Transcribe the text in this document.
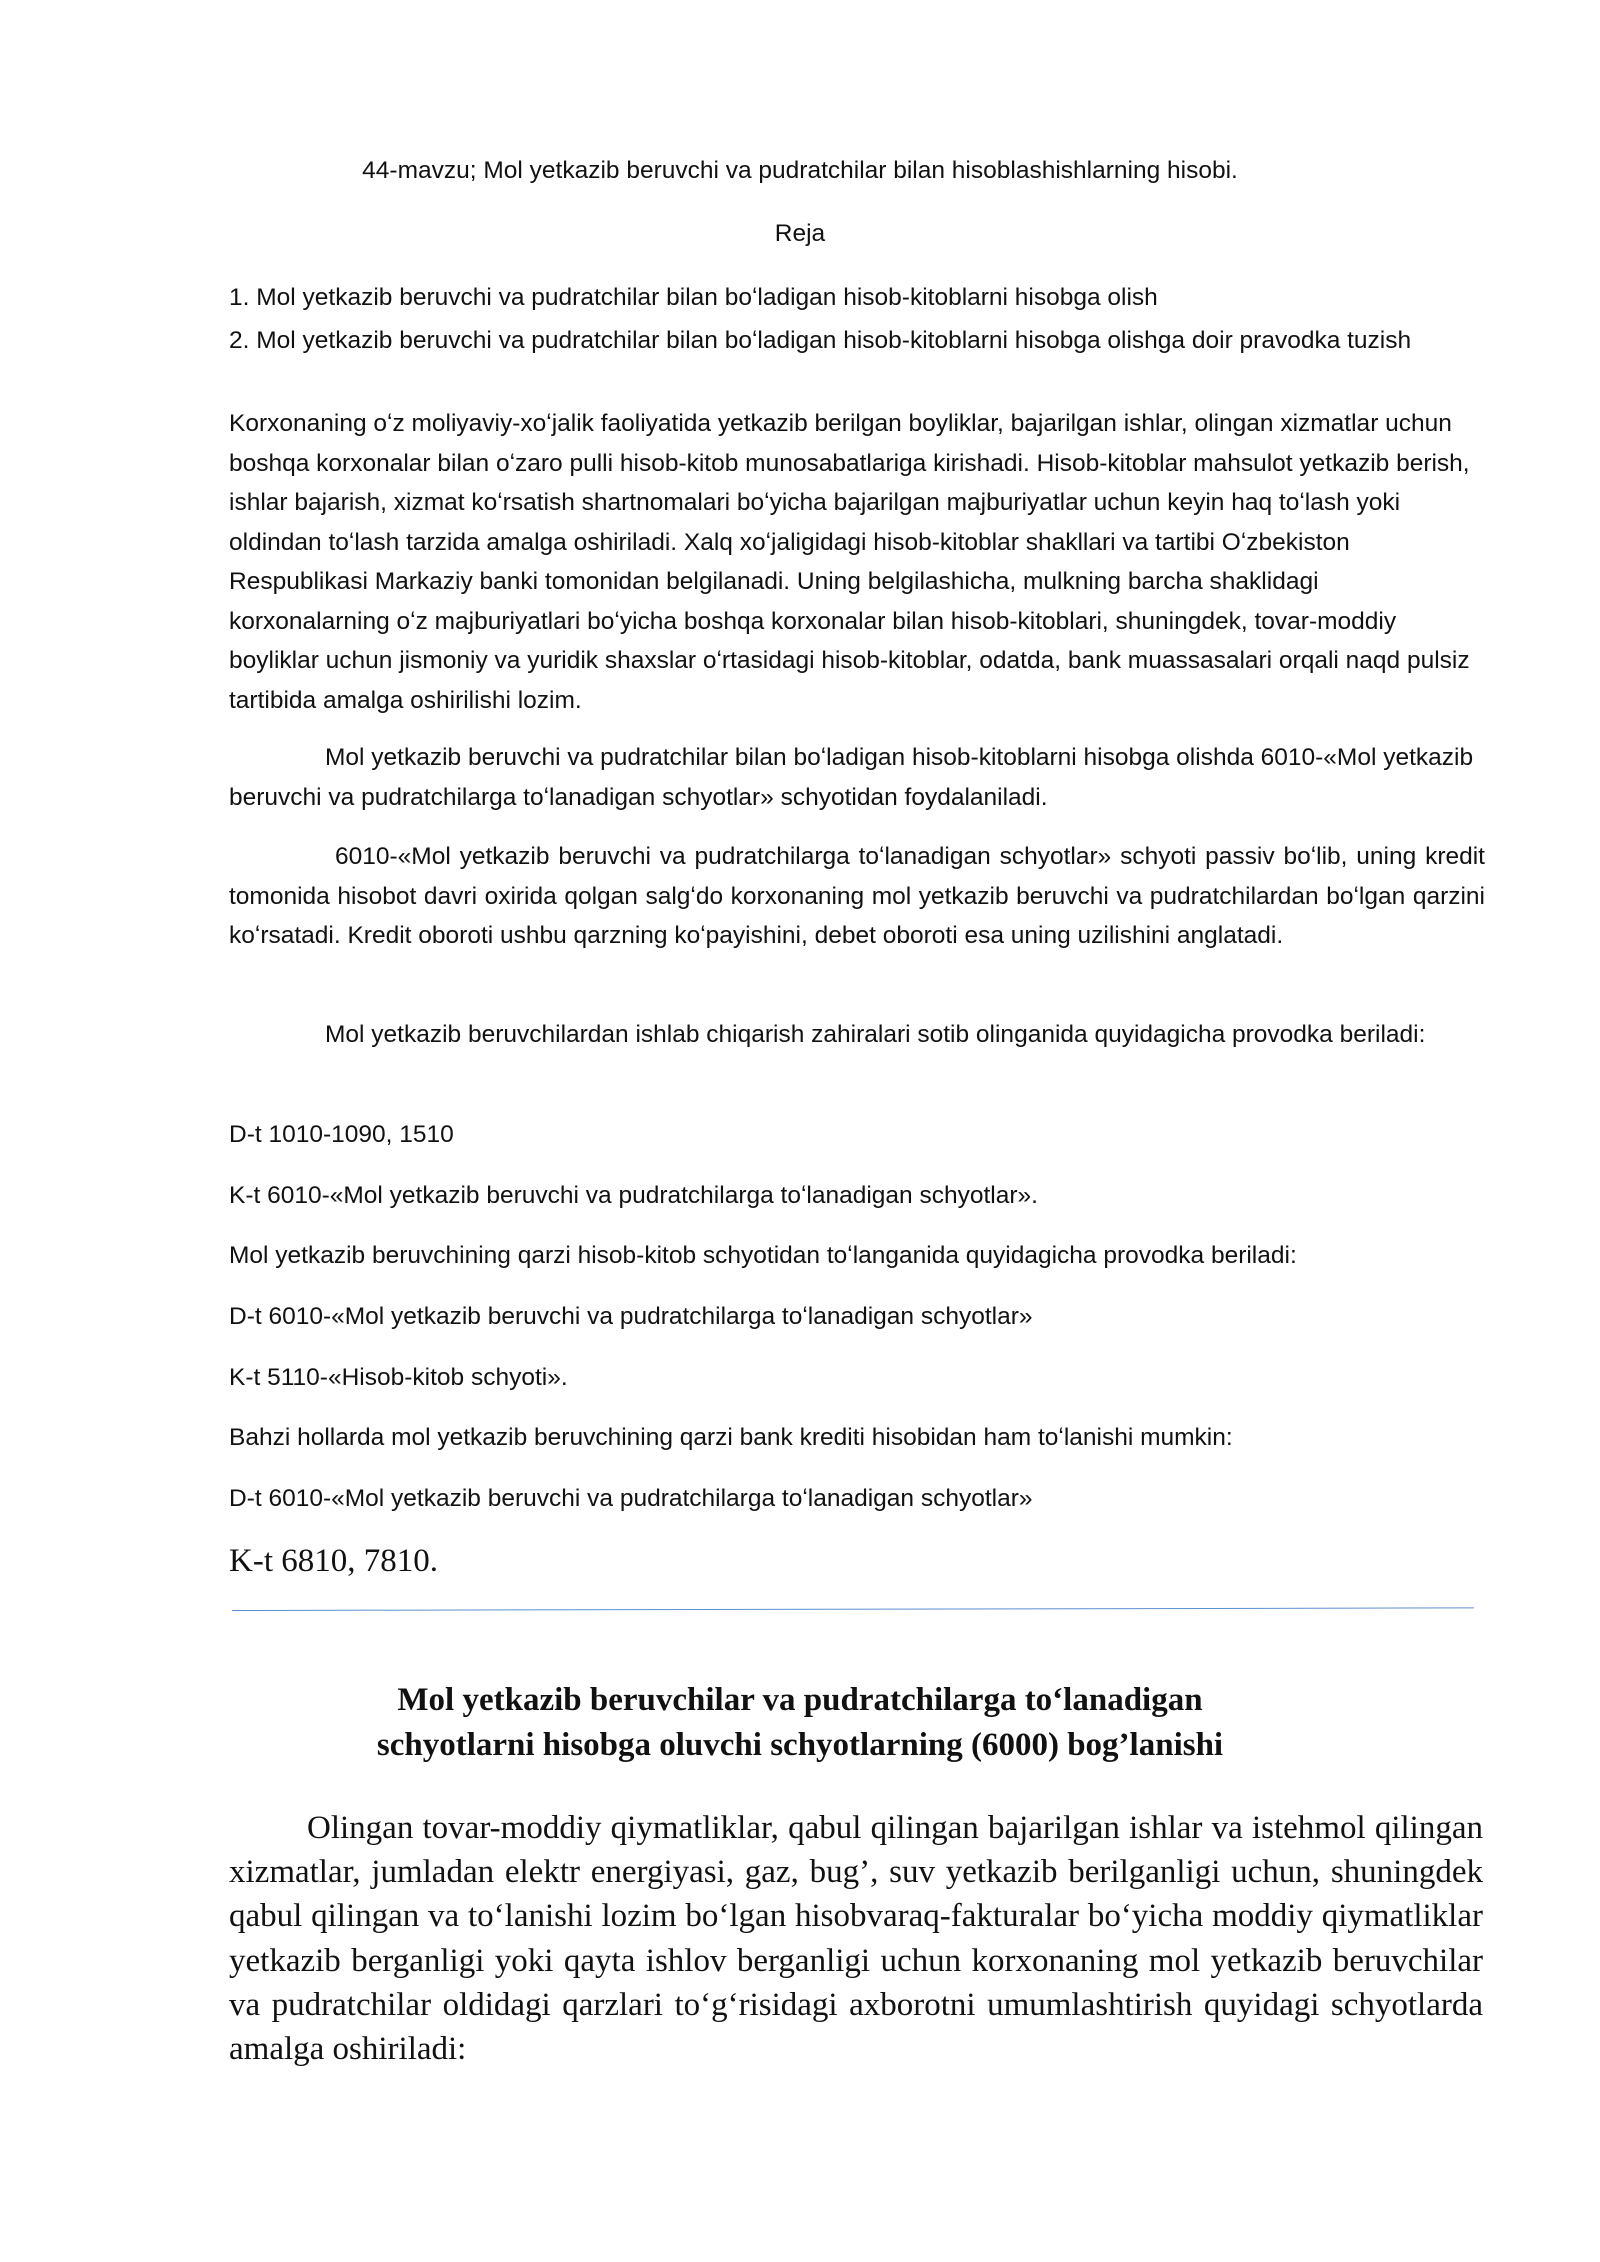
44-mavzu; Mol yetkazib beruvchi va pudratchilar bilan hisoblashishlarning hisobi.
Reja
1. Mol yetkazib beruvchi va pudratchilar bilan boʻladigan hisob-kitoblarni hisobga olish
2. Mol yetkazib beruvchi va pudratchilar bilan boʻladigan hisob-kitoblarni hisobga olishga doir pravodka tuzish
Korxonaning oʻz moliyaviy-xoʻjalik faoliyatida yetkazib berilgan boyliklar, bajarilgan ishlar, olingan xizmatlar uchun boshqa korxonalar bilan oʻzaro pulli hisob-kitob munosabatlariga kirishadi. Hisob-kitoblar mahsulot yetkazib berish, ishlar bajarish, xizmat koʻrsatish shartnomalari boʻyicha bajarilgan majburiyatlar uchun keyin haq toʻlash yoki oldindan toʻlash tarzida amalga oshiriladi. Xalq xoʻjaligidagi hisob-kitoblar shakllari va tartibi Oʻzbekiston Respublikasi Markaziy banki tomonidan belgilanadi. Uning belgilashicha, mulkning barcha shaklidagi korxonalarning oʻz majburiyatlari boʻyicha boshqa korxonalar bilan hisob-kitoblari, shuningdek, tovar-moddiy boyliklar uchun jismoniy va yuridik shaxslar oʻrtasidagi hisob-kitoblar, odatda, bank muassasalari orqali naqd pulsiz tartibida amalga oshirilishi lozim.
Mol yetkazib beruvchi va pudratchilar bilan boʻladigan hisob-kitoblarni hisobga olishda 6010-«Mol yetkazib beruvchi va pudratchilarga toʻlanadigan schyotlar» schyotidan foydalaniladi.
6010-«Mol yetkazib beruvchi va pudratchilarga toʻlanadigan schyotlar» schyoti passiv boʻlib, uning kredit tomonida hisobot davri oxirida qolgan salgʻdo korxonaning mol yetkazib beruvchi va pudratchilardan boʻlgan qarzini koʻrsatadi. Kredit oboroti ushbu qarzning koʻpayishini, debet oboroti esa uning uzilishini anglatadi.
Mol yetkazib beruvchilardan ishlab chiqarish zahiralari sotib olinganida quyidagicha provodka beriladi:
D-t 1010-1090, 1510
K-t 6010-«Mol yetkazib beruvchi va pudratchilarga toʻlanadigan schyotlar».
Mol yetkazib beruvchining qarzi hisob-kitob schyotidan toʻlanganida quyidagicha provodka beriladi:
D-t 6010-«Mol yetkazib beruvchi va pudratchilarga toʻlanadigan schyotlar»
K-t 5110-«Hisob-kitob schyoti».
Bahzi hollarda mol yetkazib beruvchining qarzi bank krediti hisobidan ham toʻlanishi mumkin:
D-t 6010-«Mol yetkazib beruvchi va pudratchilarga toʻlanadigan schyotlar»
K-t 6810, 7810.
Mol yetkazib beruvchilar va pudratchilarga toʻlanadigan
schyotlarni hisobga oluvchi schyotlarning (6000) bog’lanishi
Olingan tovar-moddiy qiymatliklar, qabul qilingan bajarilgan ishlar va istehmol qilingan xizmatlar, jumladan elektr energiyasi, gaz, bug’, suv yetkazib berilganligi uchun, shuningdek qabul qilingan va toʻlanishi lozim boʻlgan hisobvaraq-fakturalar boʻyicha moddiy qiymatliklar yetkazib berganligi yoki qayta ishlov berganligi uchun korxonaning mol yetkazib beruvchilar va pudratchilar oldidagi qarzlari toʻgʻrisidagi axborotni umumlashtirish quyidagi schyotlarda amalga oshiriladi:
